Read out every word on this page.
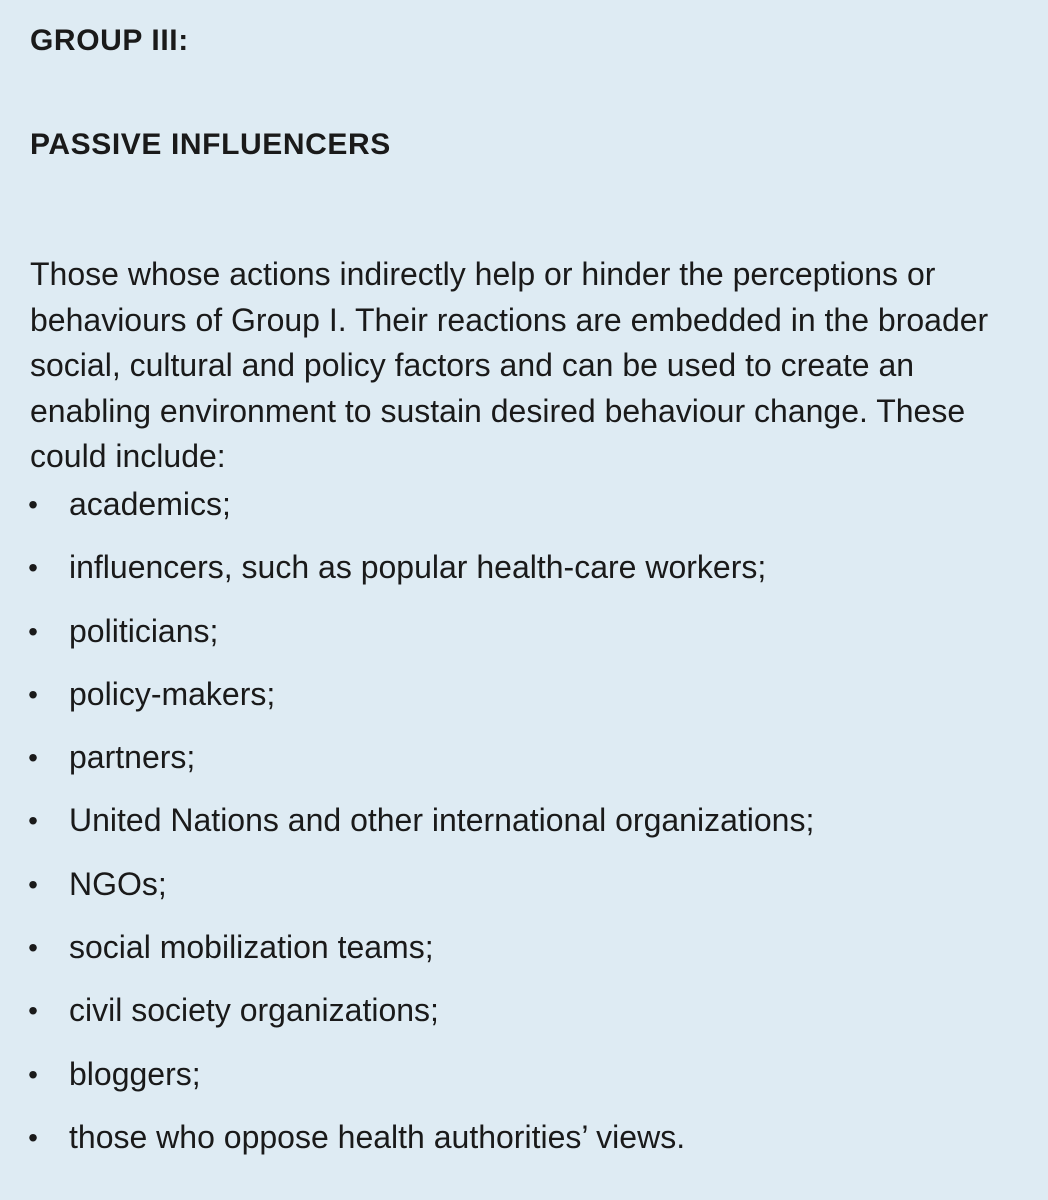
GROUP III:
PASSIVE INFLUENCERS

Those whose actions indirectly help or hinder the perceptions or behaviours of Group I. Their reactions are embedded in the broader social, cultural and policy factors and can be used to create an enabling environment to sustain desired behaviour change. These could include:

• academics;
• influencers, such as popular health-care workers;
• politicians;
• policy-makers;
• partners;
• United Nations and other international organizations;
• NGOs;
• social mobilization teams;
• civil society organizations;
• bloggers;
• those who oppose health authorities’ views.
